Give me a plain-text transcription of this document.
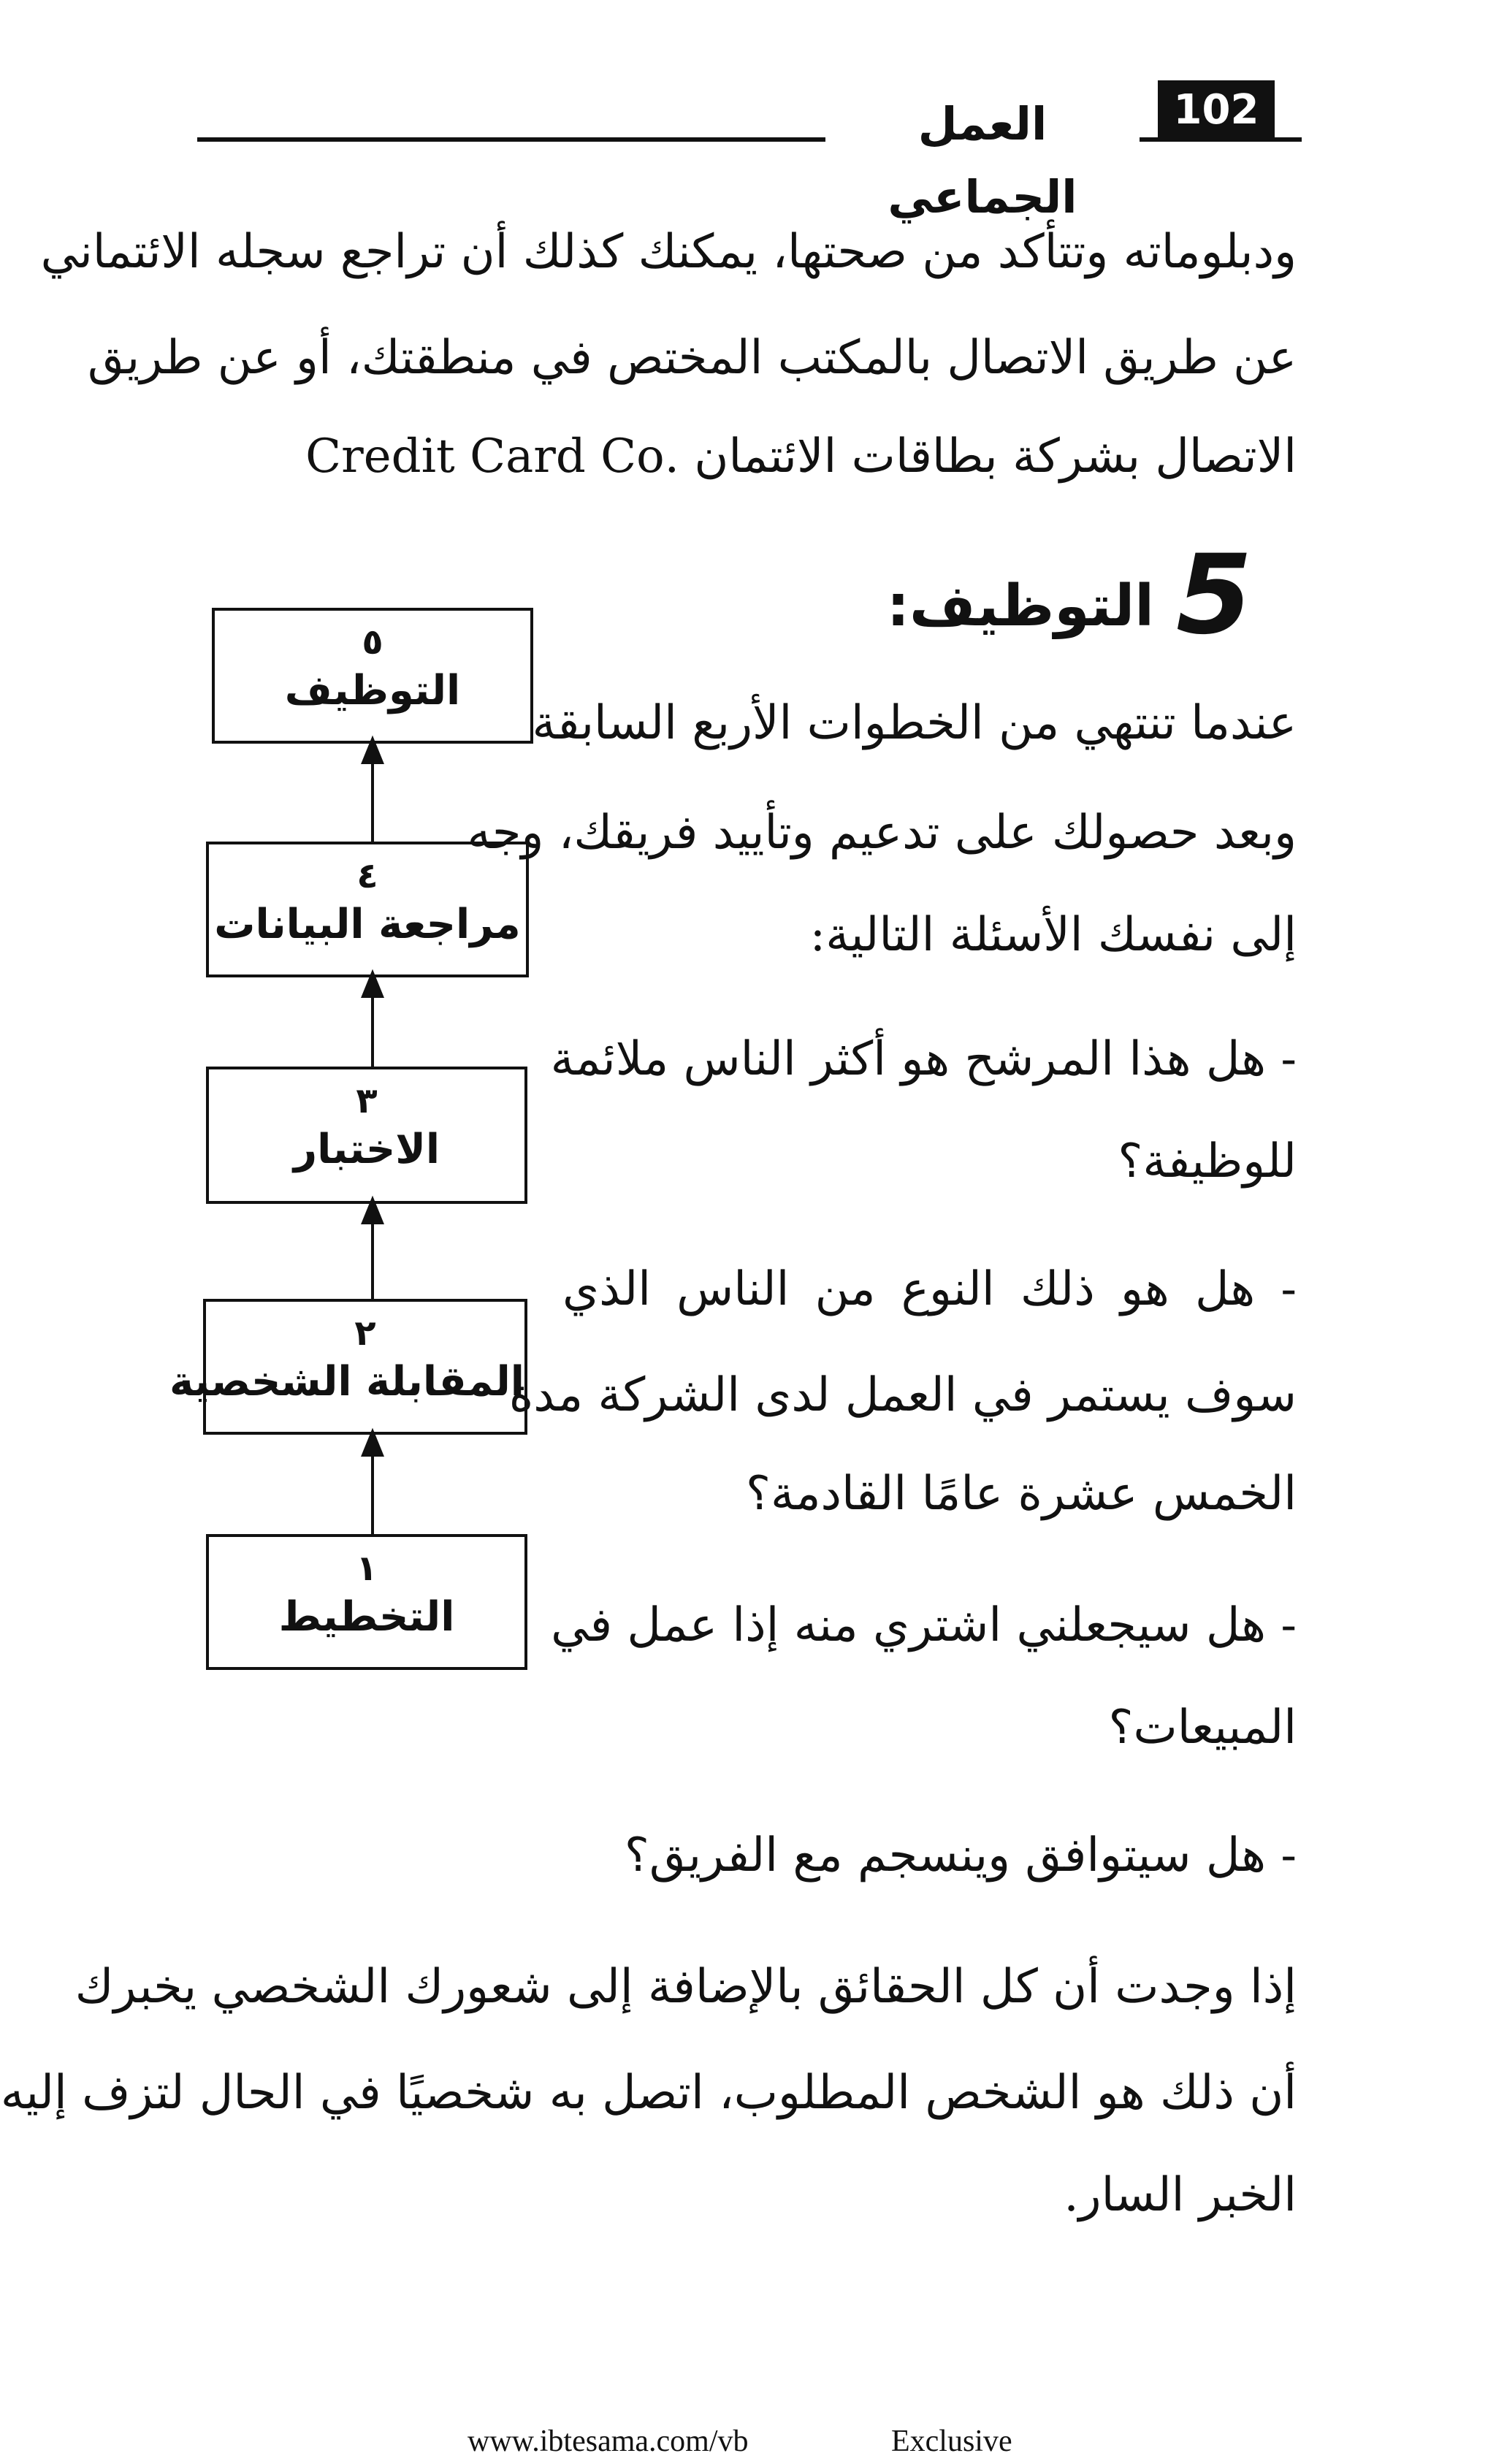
العمل الجماعي
102
ودبلوماته وتتأكد من صحتها، يمكنك كذلك أن تراجع سجله الائتماني
عن طريق الاتصال بالمكتب المختص في منطقتك، أو عن طريق
الاتصال بشركة بطاقات الائتمان .Credit Card Co
5
التوظيف:
٥
التوظيف
٤
مراجعة البيانات
٣
الاختبار
٢
المقابلة الشخصية
١
التخطيط
عندما تنتهي من الخطوات الأربع السابقة
وبعد حصولك على تدعيم وتأييد فريقك، وجه
إلى نفسك الأسئلة التالية:
- هل هذا المرشح هو أكثر الناس ملائمة
للوظيفة؟
- هل هو ذلك النوع من الناس الذي
سوف يستمر في العمل لدى الشركة مدة
الخمس عشرة عامًا القادمة؟
- هل سيجعلني اشتري منه إذا عمل في
المبيعات؟
- هل سيتوافق وينسجم مع الفريق؟
إذا وجدت أن كل الحقائق بالإضافة إلى شعورك الشخصي يخبرك
أن ذلك هو الشخص المطلوب، اتصل به شخصيًا في الحال لتزف إليه
الخبر السار.
www.ibtesama.com/vb	Exclusive
